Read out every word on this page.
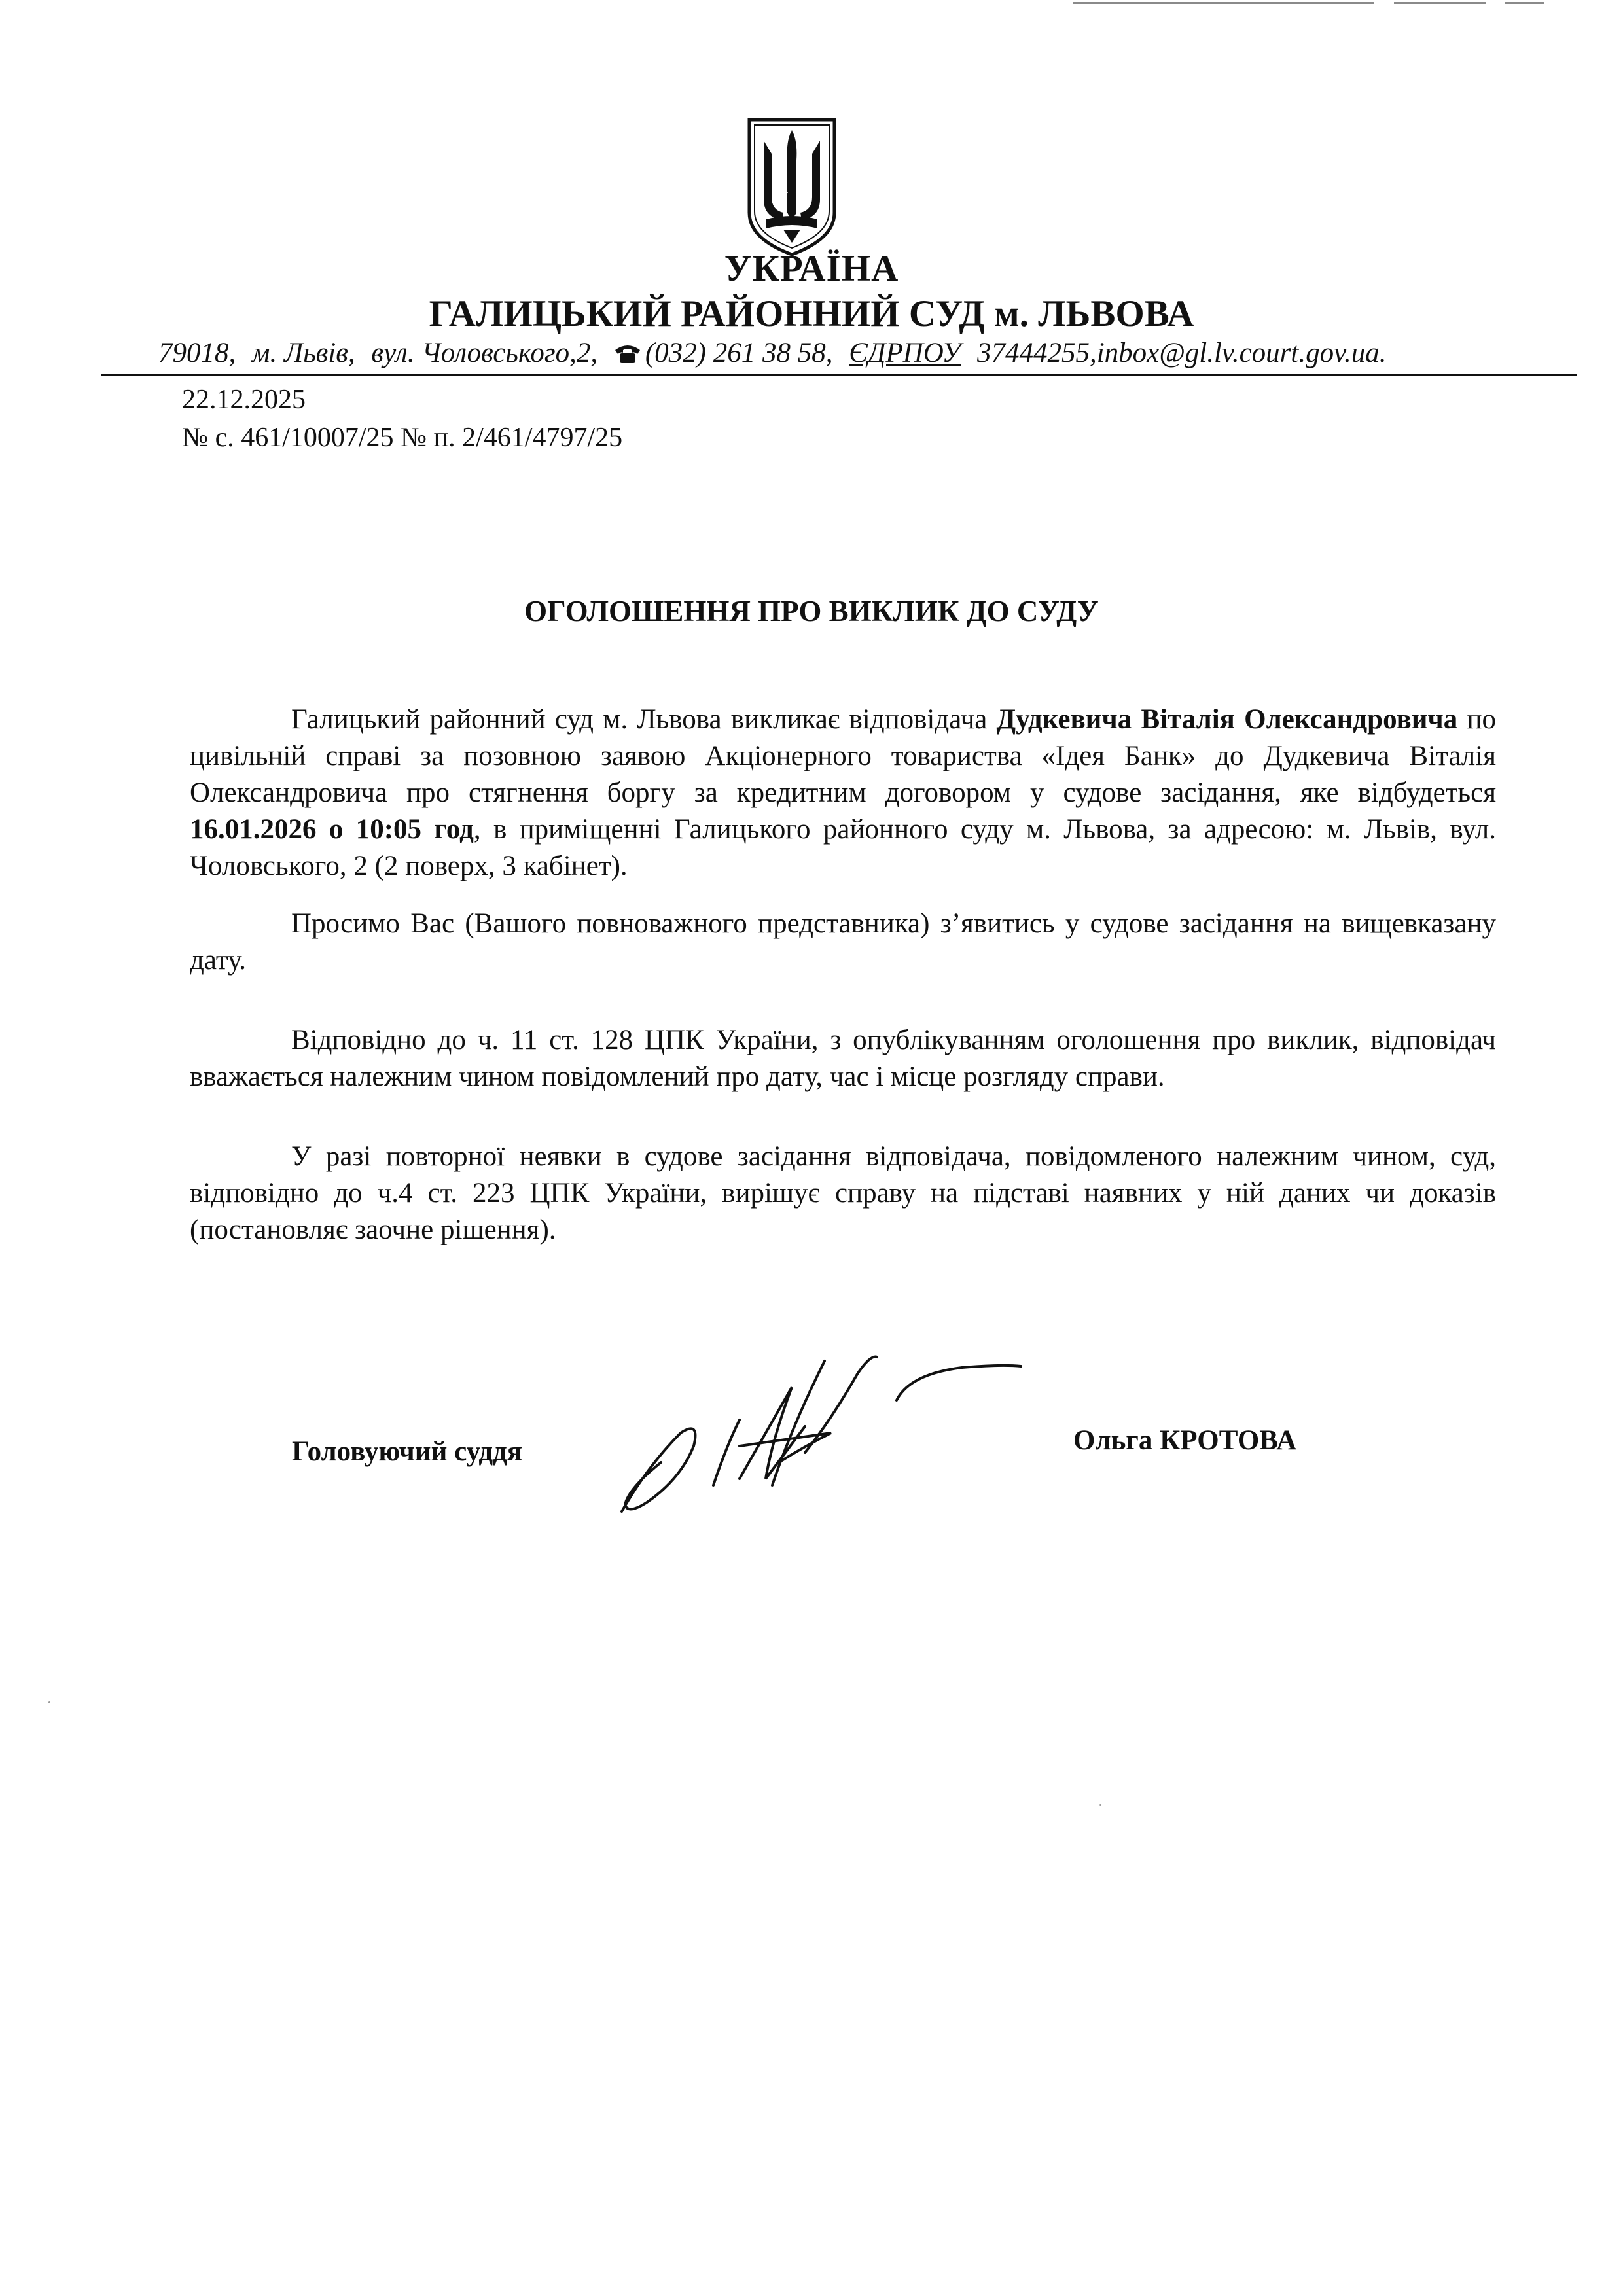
УКРАЇНА
ГАЛИЦЬКИЙ РАЙОННИЙ СУД м. ЛЬВОВА
79018, м. Львів, вул. Чоловського,2, (032) 261 38 58, ЄДРПОУ 37444255,inbox@gl.lv.court.gov.ua.
22.12.2025
№ с. 461/10007/25 № п. 2/461/4797/25
ОГОЛОШЕННЯ ПРО ВИКЛИК ДО СУДУ

Галицький районний суд м. Львова викликає відповідача Дудкевича Віталія Олександровича по цивільній справі за позовною заявою Акціонерного товариства «Ідея Банк» до Дудкевича Віталія Олександровича про стягнення боргу за кредитним договором у судове засідання, яке відбудеться 16.01.2026 о 10:05 год, в приміщенні Галицького районного суду м. Львова, за адресою: м. Львів, вул. Чоловського, 2 (2 поверх, 3 кабінет).

Просимо Вас (Вашого повноважного представника) з’явитись у судове засідання на вищевказану дату.

Відповідно до ч. 11 ст. 128 ЦПК України, з опублікуванням оголошення про виклик, відповідач вважається належним чином повідомлений про дату, час і місце розгляду справи.

У разі повторної неявки в судове засідання відповідача, повідомленого належним чином, суд, відповідно до ч.4 ст. 223 ЦПК України, вирішує справу на підставі наявних у ній даних чи доказів (постановляє заочне рішення).

Головуючий суддя	Ольга КРОТОВА
